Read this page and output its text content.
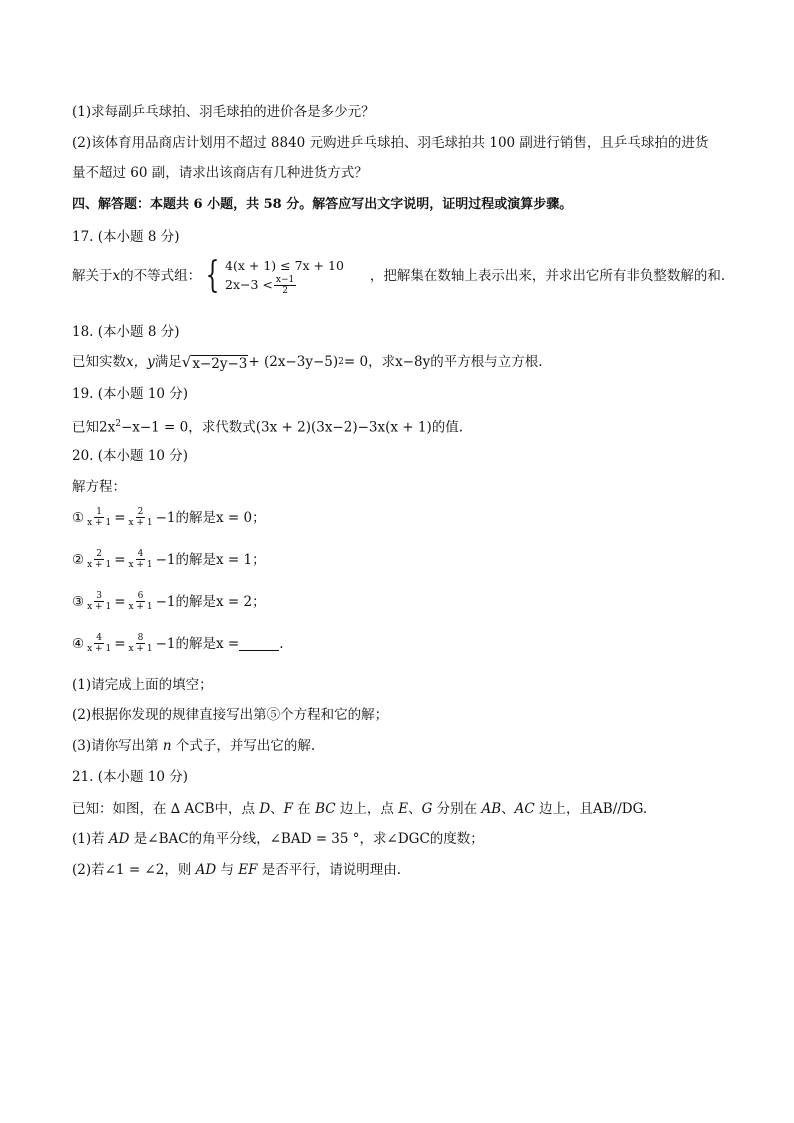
(1)求每副乒乓球拍、羽毛球拍的进价各是多少元？
(2)该体育用品商店计划用不超过 8840 元购进乒乓球拍、羽毛球拍共 100 副进行销售，且乒乓球拍的进货
量不超过 60 副，请求出该商店有几种进货方式？
四、解答题：本题共 6 小题，共 58 分。解答应写出文字说明，证明过程或演算步骤。
17. (本小题 8 分)
解关于 x 的不等式组： { 4(x + 1) ≤ 7x + 10
$2x-3 < \frac{x-1}{2}$	，把解集在数轴上表示出来，并求出它所有非负整数解的和.
18. (本小题 8 分)
已知实数 x，y 满足 √ x−2y−3 + (2x−3y−5) 2 = 0，求x−8y的平方根与立方根.
19. (本小题 10 分)
已知$2x^2-x-1 = 0$，求代数式(3x + 2)(3x−2)−3x(x + 1)的值.
20. (本小题 10 分)
解方程：
① $\frac{1}{x + 1} = \frac{2}{x + 1} -1$的解是x = 0；
② $\frac{2}{x + 1} = \frac{4}{x + 1} -1$的解是x = 1；
③ $\frac{3}{x + 1} = \frac{6}{x + 1} -1$的解是x = 2；
④ $\frac{4}{x + 1} = \frac{8}{x + 1} -1$的解是x =	.
(1)请完成上面的填空；
(2)根据你发现的规律直接写出第⑤个方程和它的解；
(3)请你写出第 n 个式子，并写出它的解.
21. (本小题 10 分)
已知：如图，在 ∆ ACB中，点 D、F 在 BC 边上，点 E、G 分别在 AB、AC 边上，且AB//DG.
(1)若 AD 是∠BAC的角平分线，∠BAD = 35 °，求∠DGC的度数；
(2)若∠1 = ∠2，则 AD 与 EF 是否平行，请说明理由.
